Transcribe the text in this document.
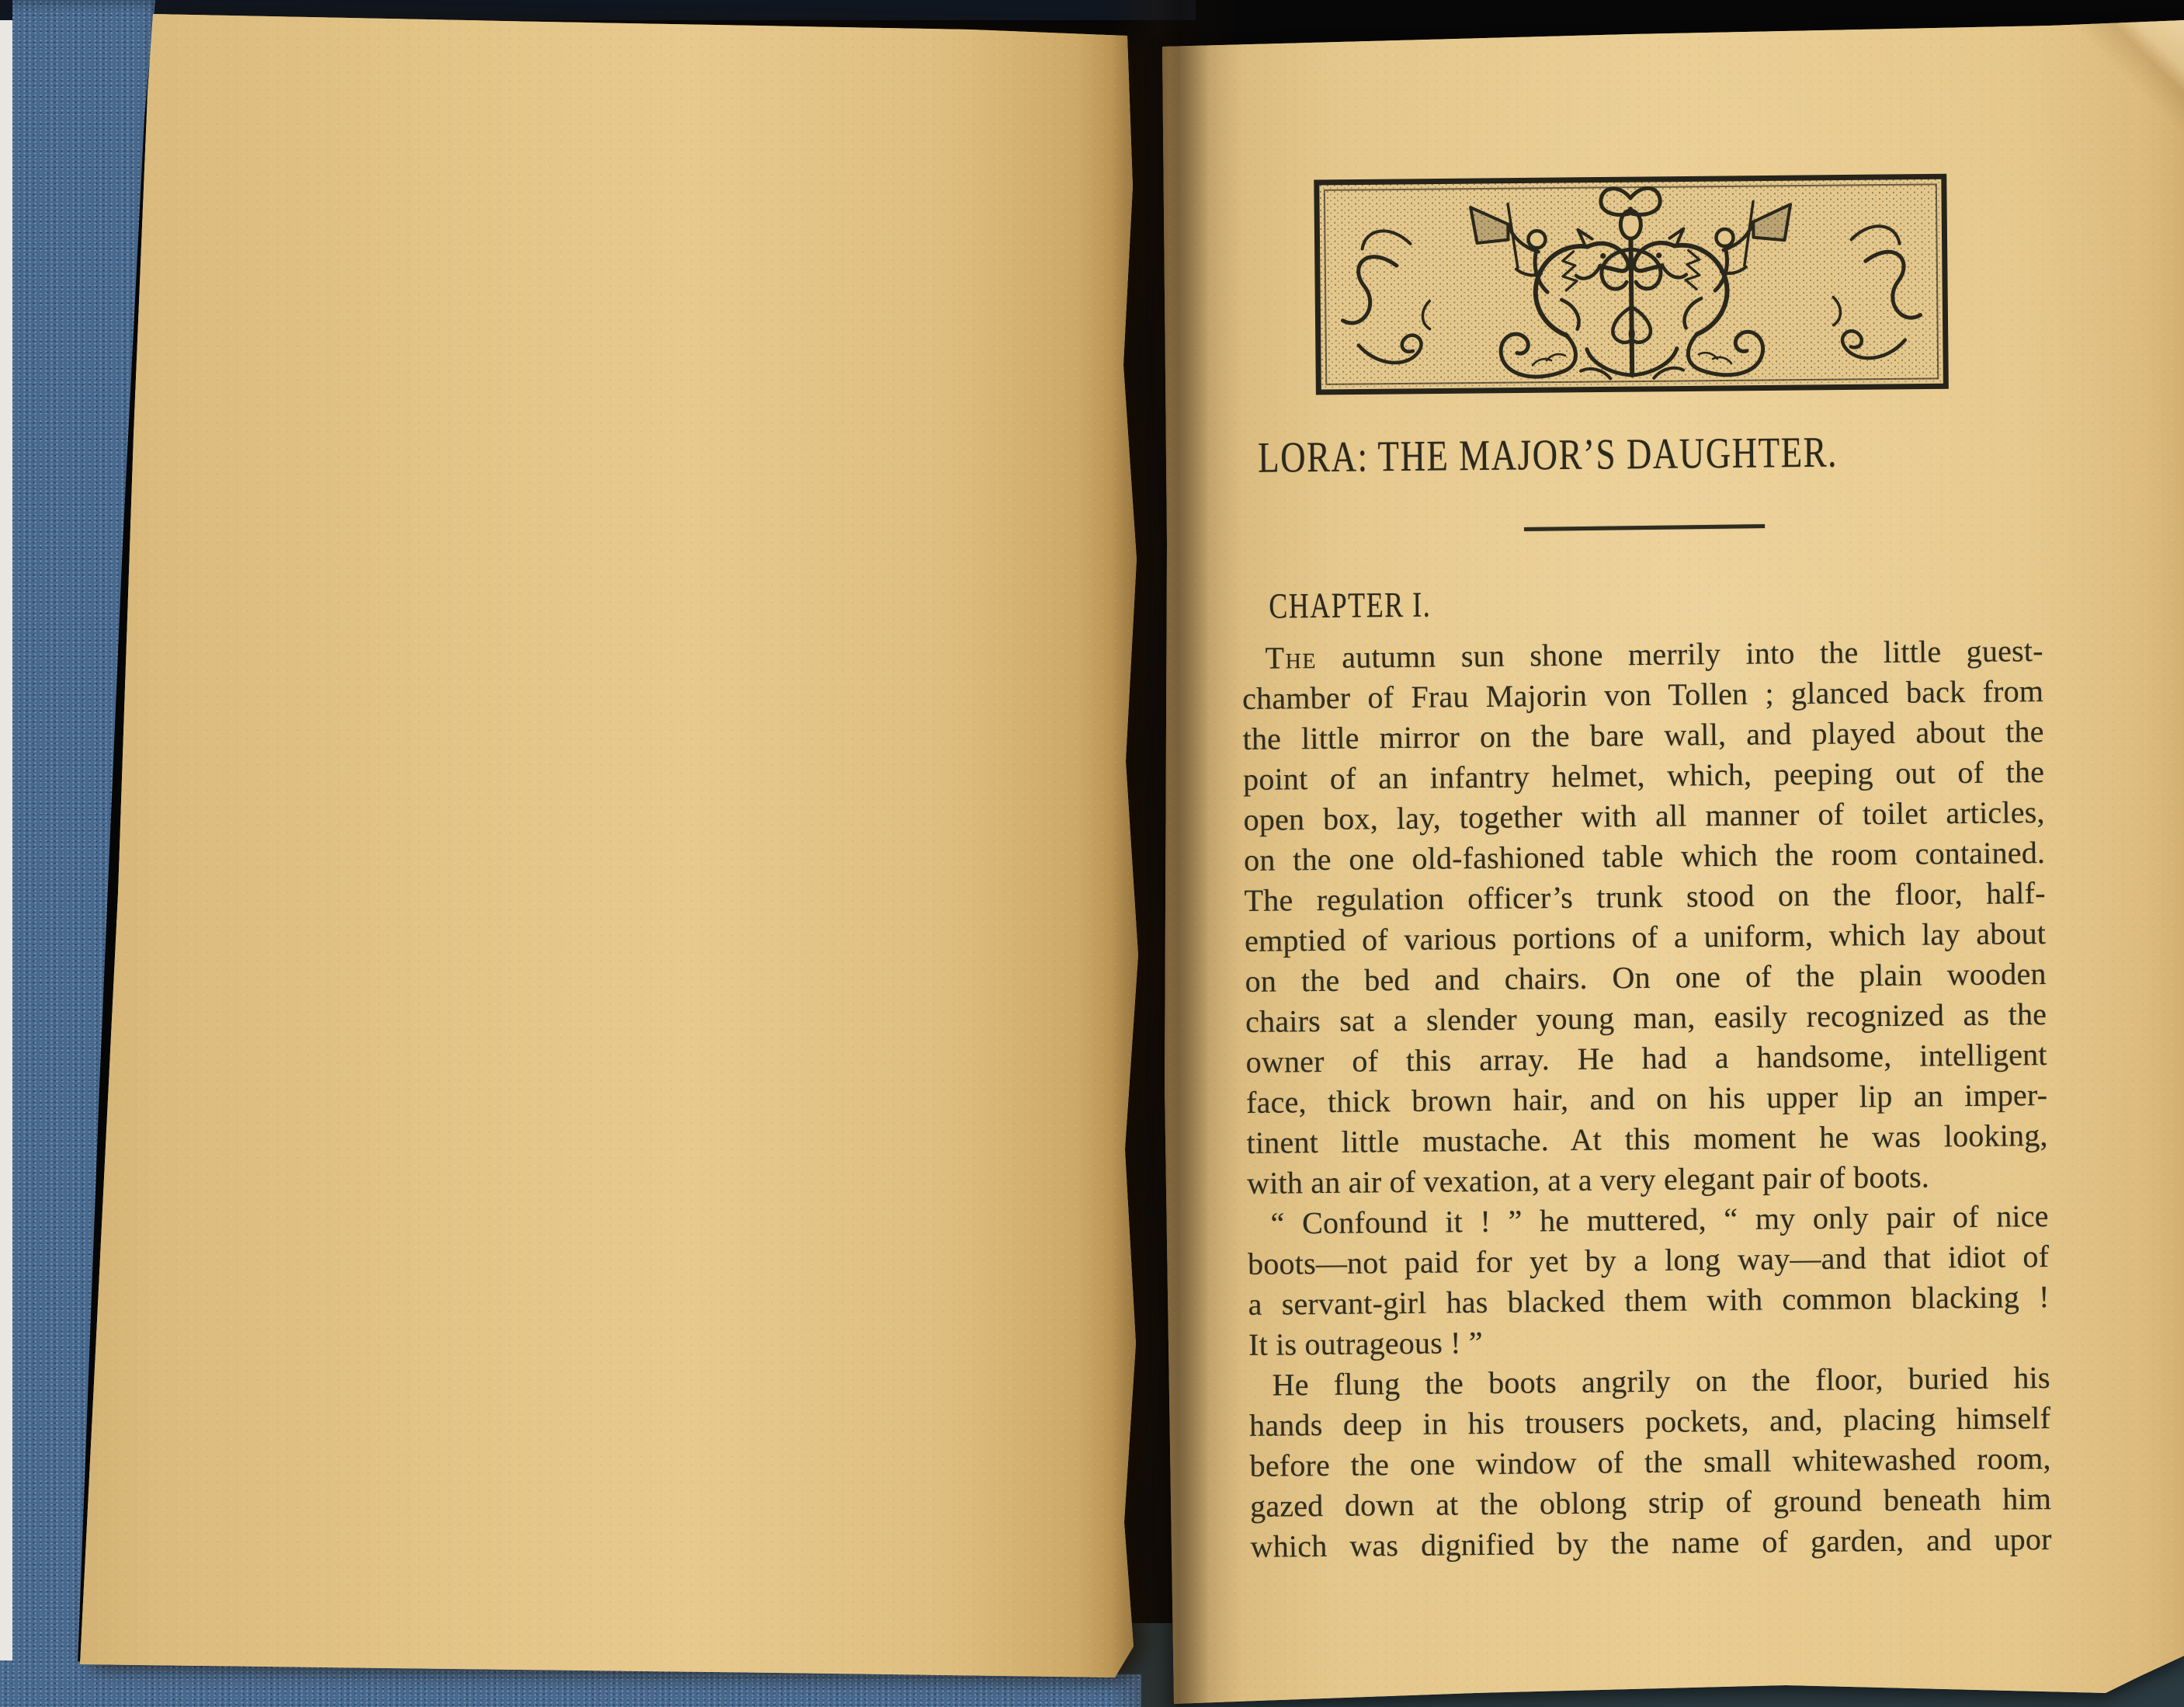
LORA: THE MAJOR’S DAUGHTER.
CHAPTER I.
The autumn sun shone merrily into the little guest-
chamber of Frau Majorin von Tollen ; glanced back from
the little mirror on the bare wall, and played about the
point of an infantry helmet, which, peeping out of the
open box, lay, together with all manner of toilet articles,
on the one old-fashioned table which the room contained.
The regulation officer’s trunk stood on the floor, half-
emptied of various portions of a uniform, which lay about
on the bed and chairs. On one of the plain wooden
chairs sat a slender young man, easily recognized as the
owner of this array. He had a handsome, intelligent
face, thick brown hair, and on his upper lip an imper-
tinent little mustache. At this moment he was looking,
with an air of vexation, at a very elegant pair of boots.
“ Confound it ! ” he muttered, “ my only pair of nice
boots—not paid for yet by a long way—and that idiot of
a servant-girl has blacked them with common blacking !
It is outrageous ! ”
He flung the boots angrily on the floor, buried his
hands deep in his trousers pockets, and, placing himself
before the one window of the small whitewashed room,
gazed down at the oblong strip of ground beneath him
which was dignified by the name of garden, and upor
